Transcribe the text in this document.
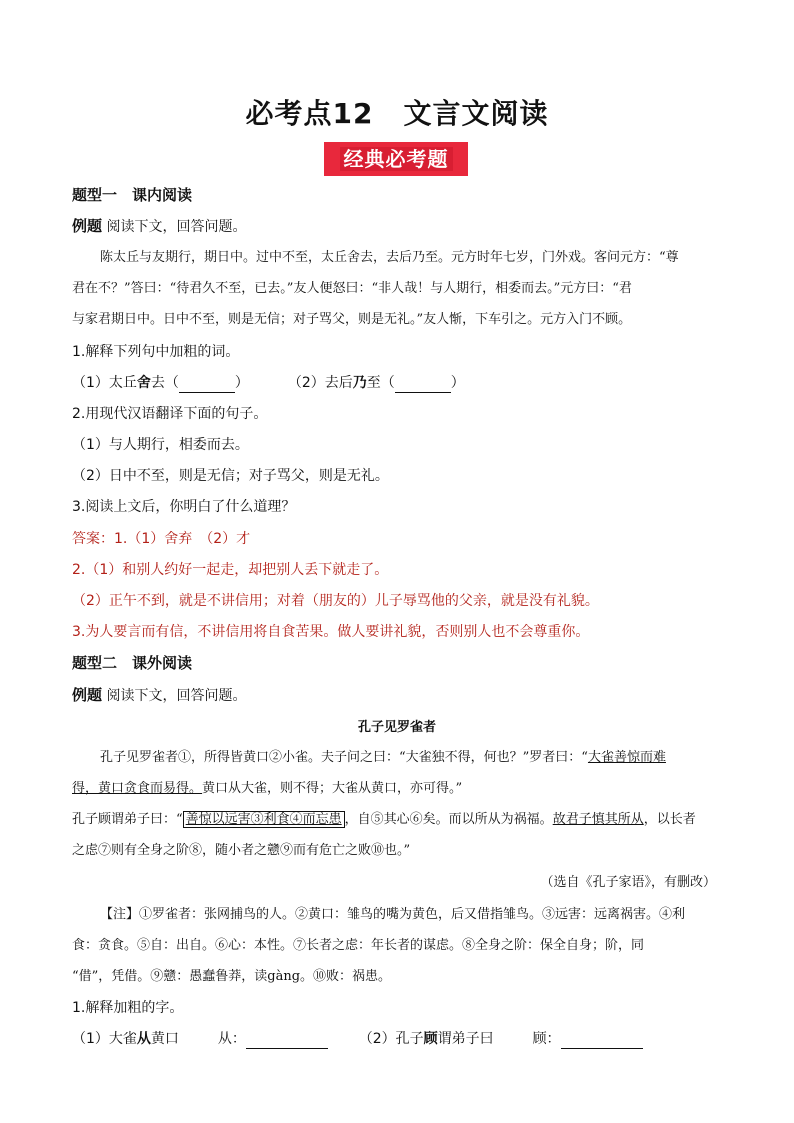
必考点12 文言文阅读
经典必考题
题型一　课内阅读
例题 阅读下文，回答问题。
陈太丘与友期行，期日中。过中不至，太丘舍去，去后乃至。元方时年七岁，门外戏。客问元方：“尊
君在不？”答曰：“待君久不至，已去。”友人便怒曰：“非人哉！与人期行，相委而去。”元方曰：“君
与家君期日中。日中不至，则是无信；对子骂父，则是无礼。”友人惭，下车引之。元方入门不顾。
1.解释下列句中加粗的词。
（1）太丘舍去（	）	（2）去后乃至（	）
2.用现代汉语翻译下面的句子。
（1）与人期行，相委而去。
（2）日中不至，则是无信；对子骂父，则是无礼。
3.阅读上文后，你明白了什么道理？
答案：1.（1）舍弃　（2）才
2.（1）和别人约好一起走，却把别人丢下就走了。
（2）正午不到，就是不讲信用；对着（朋友的）儿子辱骂他的父亲，就是没有礼貌。
3.为人要言而有信，不讲信用将自食苦果。做人要讲礼貌，否则别人也不会尊重你。
题型二　课外阅读
例题 阅读下文，回答问题。
孔子见罗雀者
孔子见罗雀者①，所得皆黄口②小雀。夫子问之曰：“大雀独不得，何也？”罗者曰：“大雀善惊而难
得，黄口贪食而易得。黄口从大雀，则不得；大雀从黄口，亦可得。”
孔子顾谓弟子曰：“ 善惊以远害③利食④而忘患 ，自⑤其心⑥矣。而以所从为祸福。故君子慎其所从，以长者
之虑⑦则有全身之阶⑧，随小者之戆⑨而有危亡之败⑩也。”
（选自《孔子家语》，有删改）
【注】①罗雀者：张网捕鸟的人。②黄口：雏鸟的嘴为黄色，后又借指雏鸟。③远害：远离祸害。④利
食：贪食。⑤自：出自。⑥心：本性。⑦长者之虑：年长者的谋虑。⑧全身之阶：保全自身；阶，同
“借”，凭借。⑨戆：愚蠢鲁莽，读gàng。⑩败：祸患。
1.解释加粗的字。
（1）大雀从黄口	从：	（2）孔子顾谓弟子曰	顾：
